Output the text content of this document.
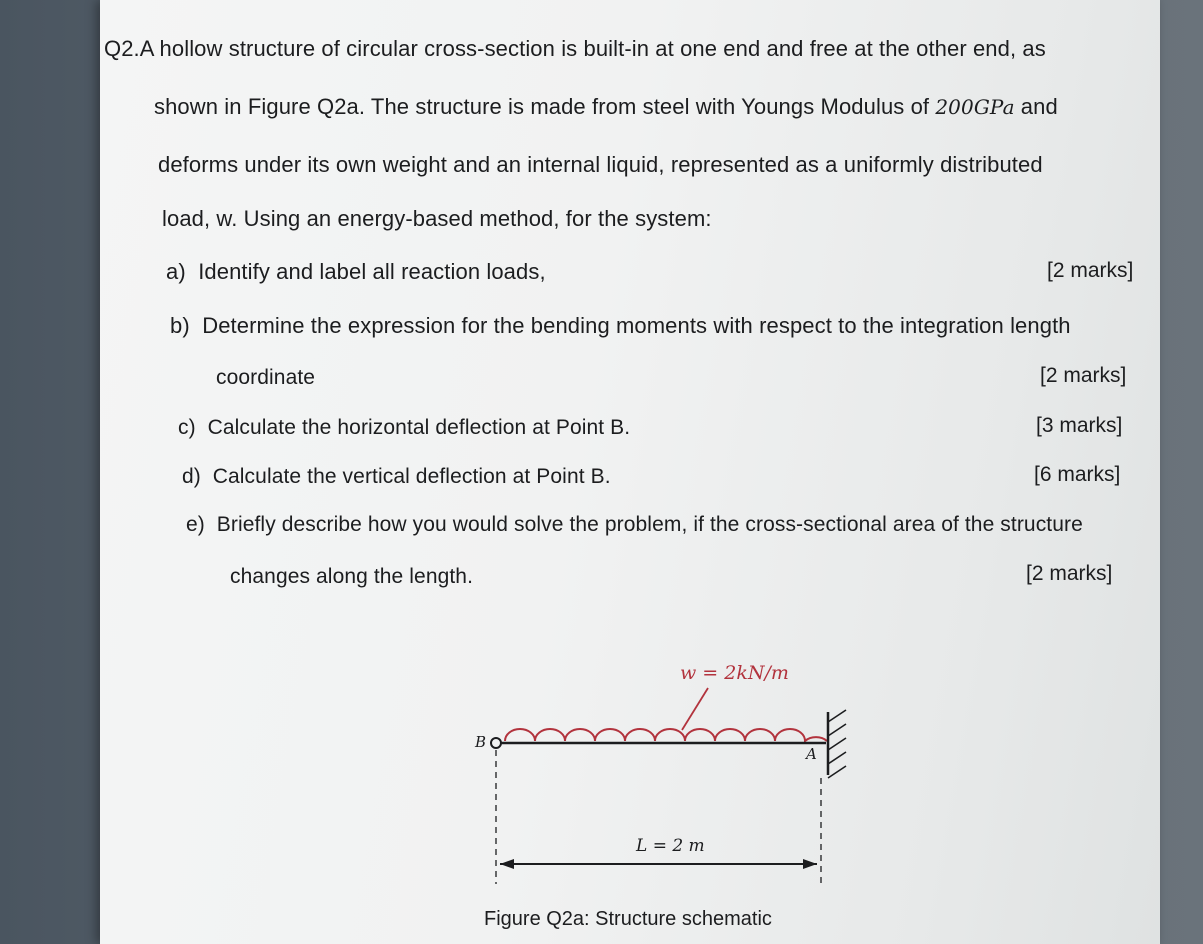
Q2.A hollow structure of circular cross-section is built-in at one end and free at the other end, as
shown in Figure Q2a. The structure is made from steel with Youngs Modulus of 200GPa and
deforms under its own weight and an internal liquid, represented as a uniformly distributed
load, w. Using an energy-based method, for the system:
a) Identify and label all reaction loads,	[2 marks]
b) Determine the expression for the bending moments with respect to the integration length
coordinate	[2 marks]
c) Calculate the horizontal deflection at Point B.	[3 marks]
d) Calculate the vertical deflection at Point B.	[6 marks]
e) Briefly describe how you would solve the problem, if the cross-sectional area of the structure
changes along the length.	[2 marks]
w = 2kN/m
B
A
L = 2 m
Figure Q2a: Structure schematic
